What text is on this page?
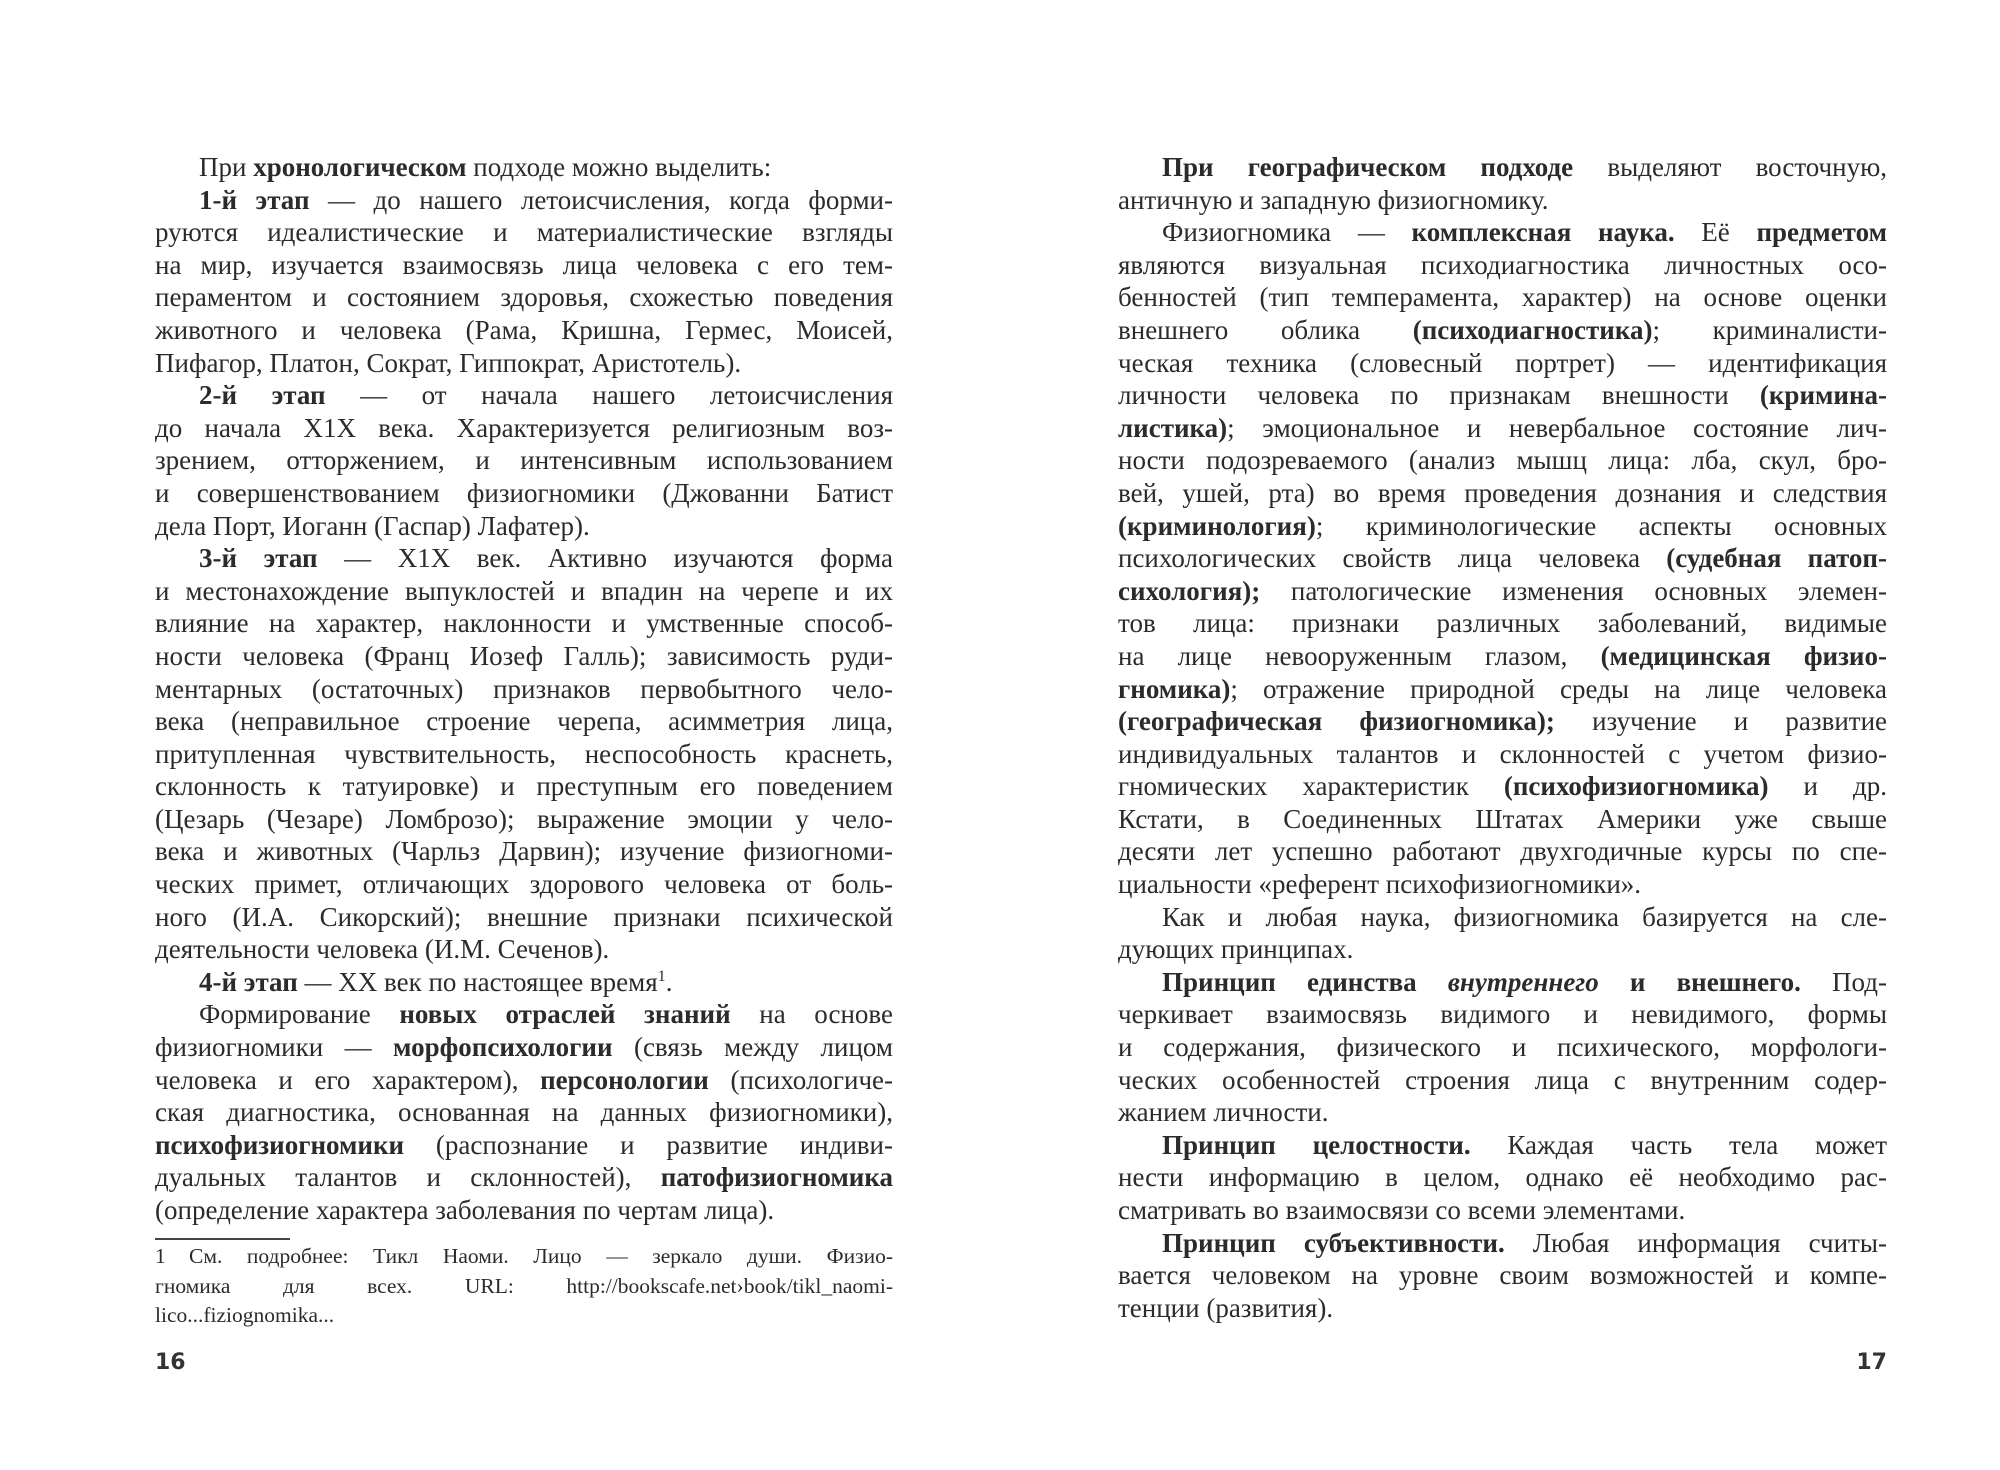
При хронологическом подходе можно выделить:
1-й этап — до нашего летоисчисления, когда форми-
руются идеалистические и материалистические взгляды
на мир, изучается взаимосвязь лица человека с его тем-
пераментом и состоянием здоровья, схожестью поведения
животного и человека (Рама, Кришна, Гермес, Моисей,
Пифагор, Платон, Сократ, Гиппократ, Аристотель).
2-й этап — от начала нашего летоисчисления
до начала X1X века. Характеризуется религиозным воз-
зрением, отторжением, и интенсивным использованием
и совершенствованием физиогномики (Джованни Батист
дела Порт, Иоганн (Гаспар) Лафатер).
3-й этап — X1X век. Активно изучаются форма
и местонахождение выпуклостей и впадин на черепе и их
влияние на характер, наклонности и умственные способ-
ности человека (Франц Иозеф Галль); зависимость руди-
ментарных (остаточных) признаков первобытного чело-
века (неправильное строение черепа, асимметрия лица,
притупленная чувствительность, неспособность краснеть,
склонность к татуировке) и преступным его поведением
(Цезарь (Чезаре) Ломброзо); выражение эмоции у чело-
века и животных (Чарльз Дарвин); изучение физиогноми-
ческих примет, отличающих здорового человека от боль-
ного (И.А. Сикорский); внешние признаки психической
деятельности человека (И.М. Сеченов).
4-й этап — XX век по настоящее время$^1$.
Формирование новых отраслей знаний на основе
физиогномики — морфопсихологии (связь между лицом
человека и его характером), персонологии (психологиче-
ская диагностика, основанная на данных физиогномики),
психофизиогномики (распознание и развитие индиви-
дуальных талантов и склонностей), патофизиогномика
(определение характера заболевания по чертам лица).
При географическом подходе выделяют восточную,
античную и западную физиогномику.
Физиогномика — комплексная наука. Её предметом
являются визуальная психодиагностика личностных осо-
бенностей (тип темперамента, характер) на основе оценки
внешнего облика (психодиагностика); криминалисти-
ческая техника (словесный портрет) — идентификация
личности человека по признакам внешности (кримина-
листика); эмоциональное и невербальное состояние лич-
ности подозреваемого (анализ мышц лица: лба, скул, бро-
вей, ушей, рта) во время проведения дознания и следствия
(криминология); криминологические аспекты основных
психологических свойств лица человека (судебная патоп-
сихология); патологические изменения основных элемен-
тов лица: признаки различных заболеваний, видимые
на лице невооруженным глазом, (медицинская физио-
гномика); отражение природной среды на лице человека
(географическая физиогномика); изучение и развитие
индивидуальных талантов и склонностей с учетом физио-
гномических характеристик (психофизиогномика) и др.
Кстати, в Соединенных Штатах Америки уже свыше
десяти лет успешно работают двухгодичные курсы по спе-
циальности «референт психофизиогномики».
Как и любая наука, физиогномика базируется на сле-
дующих принципах.
Принцип единства внутреннего и внешнего. Под-
черкивает взаимосвязь видимого и невидимого, формы
и содержания, физического и психического, морфологи-
ческих особенностей строения лица с внутренним содер-
жанием личности.
Принцип целостности. Каждая часть тела может
нести информацию в целом, однако её необходимо рас-
сматривать во взаимосвязи со всеми элементами.
Принцип субъективности. Любая информация считы-
вается человеком на уровне своим возможностей и компе-
тенции (развития).
1 См. подробнее: Тикл Наоми. Лицо — зеркало души. Физио-
гномика для всех. URL: http://bookscafe.net›book/tikl_naomi-
lico...fiziognomika...
16	17
